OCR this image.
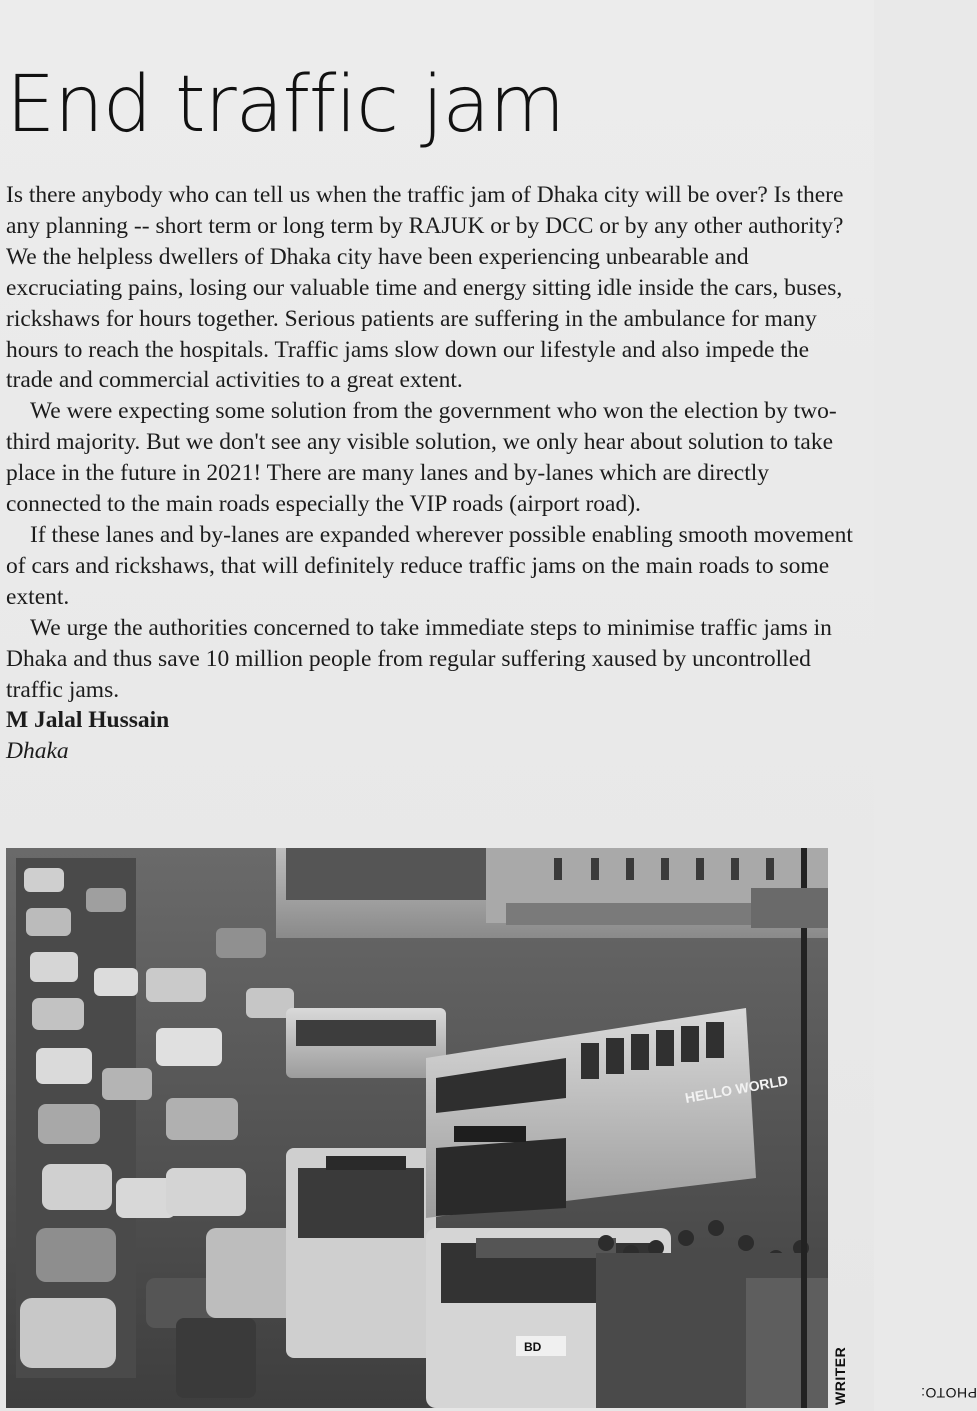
End traffic jam

Is there anybody who can tell us when the traffic jam of Dhaka city will be over? Is there any planning -- short term or long term by RAJUK or by DCC or by any other authority? We the helpless dwellers of Dhaka city have been experiencing unbearable and excruciating pains, losing our valuable time and energy sitting idle inside the cars, buses, rickshaws for hours together. Serious patients are suffering in the ambulance for many hours to reach the hospitals. Traffic jams slow down our lifestyle and also impede the trade and commercial activities to a great extent.

We were expecting some solution from the government who won the election by two-third majority. But we don't see any visible solution, we only hear about solution to take place in the future in 2021! There are many lanes and by-lanes which are directly connected to the main roads especially the VIP roads (airport road).

If these lanes and by-lanes are expanded wherever possible enabling smooth movement of cars and rickshaws, that will definitely reduce traffic jams on the main roads to some extent.

We urge the authorities concerned to take immediate steps to minimise traffic jams in Dhaka and thus save 10 million people from regular suffering xaused by uncontrolled traffic jams.

M Jalal Hussain

Dhaka

HELLO WORLD
BD
PHOTO:
WRITER
